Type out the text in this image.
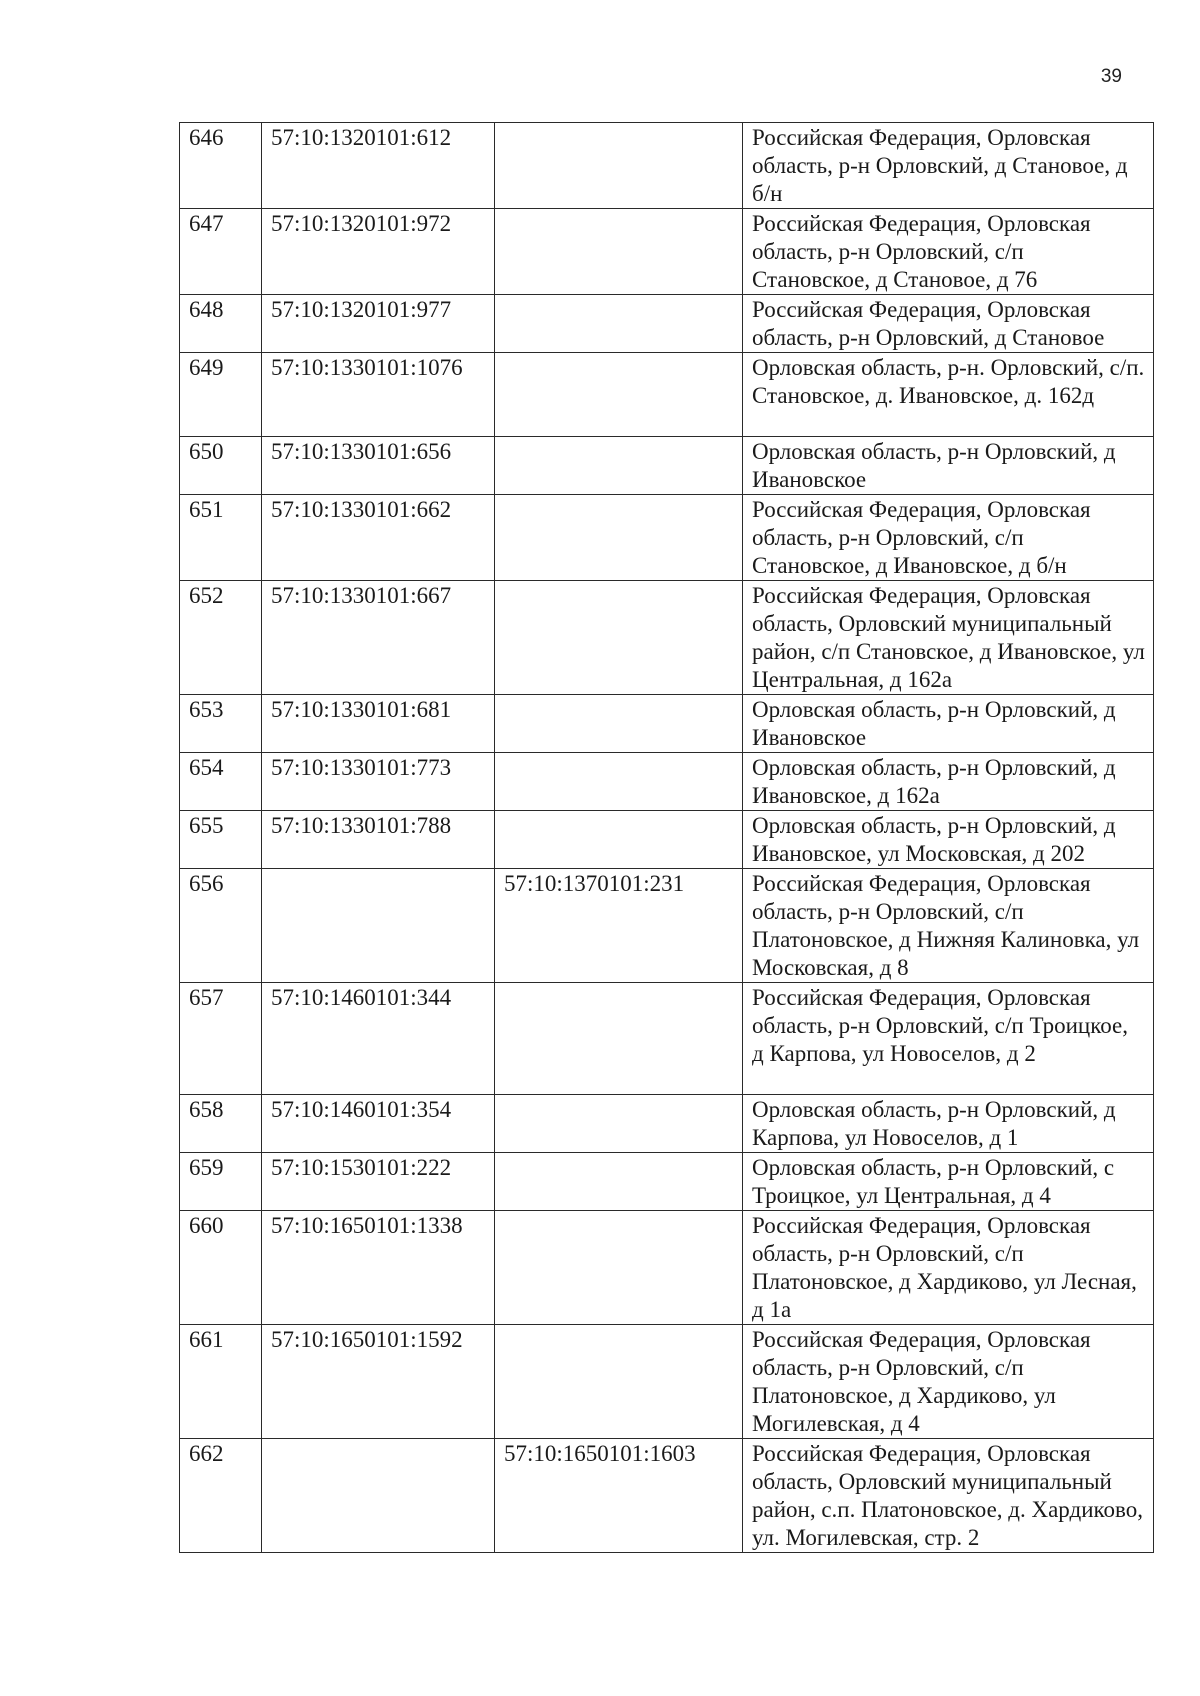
39
646	57:10:1320101:612		Российская Федерация, Орловская область, р-н Орловский, д Становое, д б/н
647	57:10:1320101:972		Российская Федерация, Орловская область, р-н Орловский, с/п Становское, д Становое, д 76
648	57:10:1320101:977		Российская Федерация, Орловская область, р-н Орловский, д Становое
649	57:10:1330101:1076		Орловская область, р-н. Орловский, с/п. Становское, д. Ивановское, д. 162д
650	57:10:1330101:656		Орловская область, р-н Орловский, д Ивановское
651	57:10:1330101:662		Российская Федерация, Орловская область, р-н Орловский, с/п Становское, д Ивановское, д б/н
652	57:10:1330101:667		Российская Федерация, Орловская область, Орловский муниципальный район, с/п Становское, д Ивановское, ул Центральная, д 162а
653	57:10:1330101:681		Орловская область, р-н Орловский, д Ивановское
654	57:10:1330101:773		Орловская область, р-н Орловский, д Ивановское, д 162а
655	57:10:1330101:788		Орловская область, р-н Орловский, д Ивановское, ул Московская, д 202
656		57:10:1370101:231	Российская Федерация, Орловская область, р-н Орловский, с/п Платоновское, д Нижняя Калиновка, ул Московская, д 8
657	57:10:1460101:344		Российская Федерация, Орловская область, р-н Орловский, с/п Троицкое, д Карпова, ул Новоселов, д 2
658	57:10:1460101:354		Орловская область, р-н Орловский, д Карпова, ул Новоселов, д 1
659	57:10:1530101:222		Орловская область, р-н Орловский, с Троицкое, ул Центральная, д 4
660	57:10:1650101:1338		Российская Федерация, Орловская область, р-н Орловский, с/п Платоновское, д Хардиково, ул Лесная, д 1а
661	57:10:1650101:1592		Российская Федерация, Орловская область, р-н Орловский, с/п Платоновское, д Хардиково, ул Могилевская, д 4
662		57:10:1650101:1603	Российская Федерация, Орловская область, Орловский муниципальный район, с.п. Платоновское, д. Хардиково, ул. Могилевская, стр. 2
